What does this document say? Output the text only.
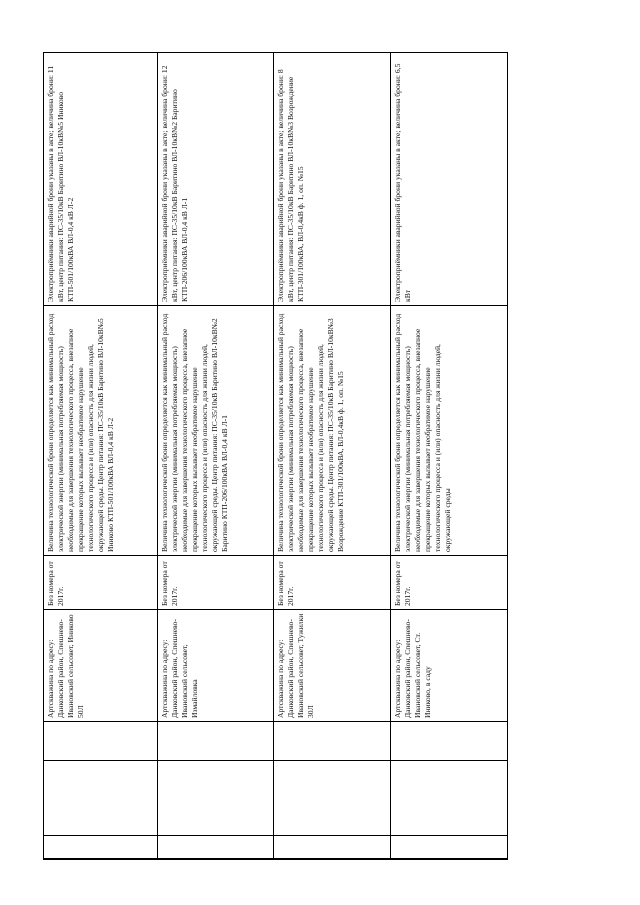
	Артскважина по адресу: Данковский район, Спешнево-Ивановский сельсовет, Иниково 50Л	Без номера от 2017г.	Величина технологической брони определяется как минимальный расход электрической энергии (минимальная потребляемая мощность) необходимые для завершения технологического процесса, внезапное прекращение которых вызывает необратимое нарушение технологического процесса и (или) опасность для жизни людей, окружающей среды. Центр питания: ПС-35/10кВ Баритино ВЛ-10кВ№5 Иниково КТП-501/100кВА ВЛ-0,4 кВ Л-2	Электроприёмники аварийной брони указаны в акте; величина брони: 11 кВт, центр питания: ПС-35/10кВ Баритино ВЛ-10кВ№5 Иниково КТП-501/100кВА ВЛ-0,4 кВ Л-2
	Артскважина по адресу: Данковский район, Спешнево-Ивановский сельсовет, Измайловка	Без номера от 2017г.	Величина технологической брони определяется как минимальный расход электрической энергии (минимальная потребляемая мощность) необходимые для завершения технологического процесса, внезапное прекращение которых вызывает необратимое нарушение технологического процесса и (или) опасность для жизни людей, окружающей среды. Центр питания: ПС-35/10кВ Баритино ВЛ-10кВ№2 Баритино КТП-206/100кВА ВЛ-0,4 кВ Л-1	Электроприёмники аварийной брони указаны в акте; величина брони: 12 кВт, центр питания: ПС-35/10кВ Баритино ВЛ-10кВ№2 Баритино КТП-206/100кВА ВЛ-0,4 кВ Л-1
	Артскважина по адресу: Данковский район, Спешнево-Ивановский сельсовет, Тужилки 30Л	Без номера от 2017г.	Величина технологической брони определяется как минимальный расход электрической энергии (минимальная потребляемая мощность) необходимые для завершения технологического процесса, внезапное прекращение которых вызывает необратимое нарушение технологического процесса и (или) опасность для жизни людей, окружающей среды. Центр питания: ПС-35/10кВ Баритино ВЛ-10кВ№3 Возрождение КТП-301/100кВА, ВЛ-0,4кВ ф. 1, оп. №15	Электроприёмники аварийной брони указаны в акте; величина брони: 8 кВт, центр питания: ПС-35/10кВ Баритино ВЛ-10кВ№3 Возрождение КТП-301/100кВА, ВЛ-0,4кВ ф. 1, оп. №15
	Артскважина по адресу: Данковский район, Спешнево-Ивановский сельсовет, Ст. Иниково, в саду	Без номера от 2017г.	Величина технологической брони определяется как минимальный расход электрической энергии (минимальная потребляемая мощность) необходимые для завершения технологического процесса, внезапное прекращение которых вызывает необратимое нарушение технологического процесса и (или) опасность для жизни людей, окружающей среды	Электроприёмники аварийной брони указаны в акте; величина брони: 6,5 кВт
